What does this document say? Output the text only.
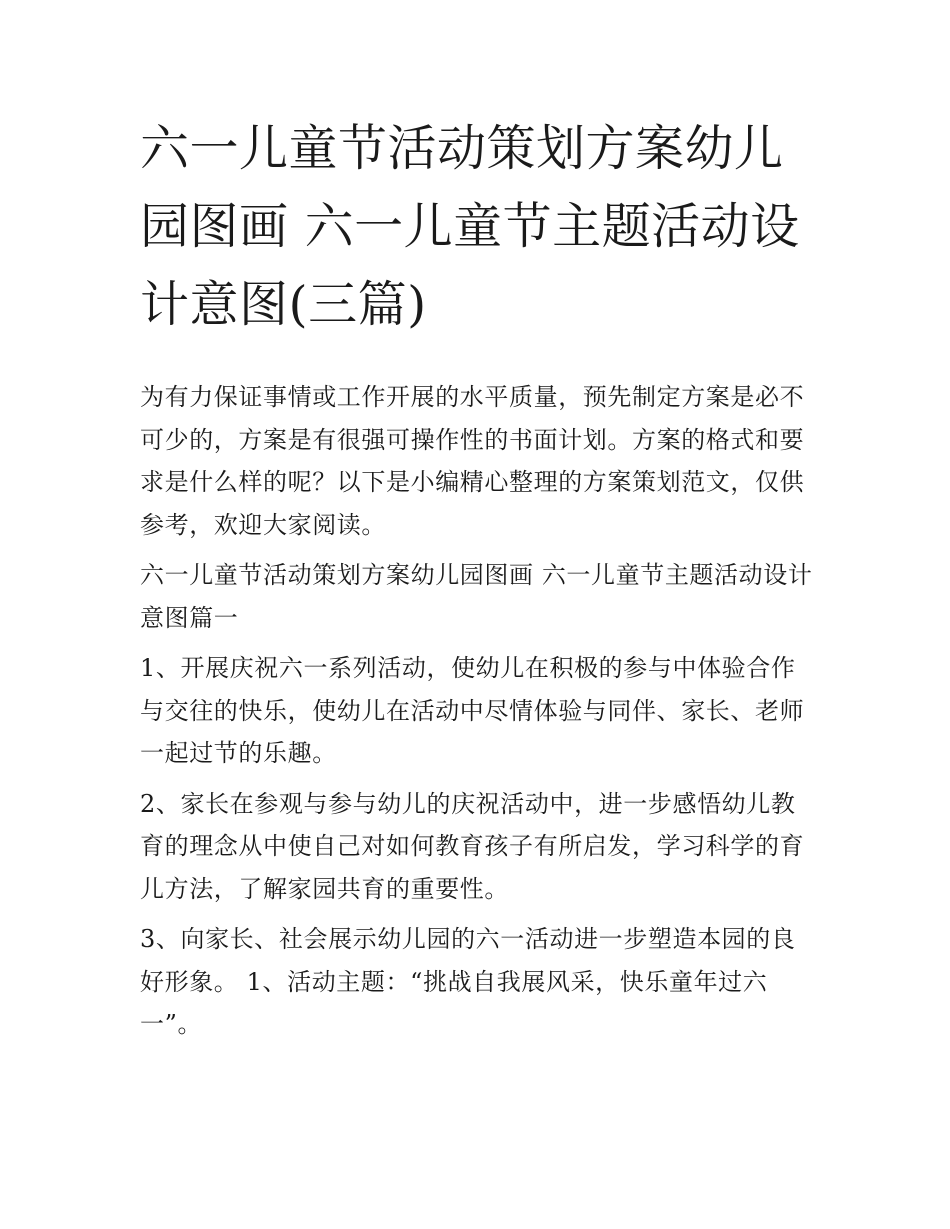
六一儿童节活动策划方案幼儿园图画 六一儿童节主题活动设计意图(三篇)

为有力保证事情或工作开展的水平质量，预先制定方案是必不可少的，方案是有很强可操作性的书面计划。方案的格式和要求是什么样的呢？以下是小编精心整理的方案策划范文，仅供参考，欢迎大家阅读。

六一儿童节活动策划方案幼儿园图画 六一儿童节主题活动设计意图篇一

1、开展庆祝六一系列活动，使幼儿在积极的参与中体验合作与交往的快乐，使幼儿在活动中尽情体验与同伴、家长、老师一起过节的乐趣。

2、家长在参观与参与幼儿的庆祝活动中，进一步感悟幼儿教育的理念从中使自己对如何教育孩子有所启发，学习科学的育儿方法，了解家园共育的重要性。

3、向家长、社会展示幼儿园的六一活动进一步塑造本园的良好形象。 1、活动主题：“挑战自我展风采，快乐童年过六一”。
